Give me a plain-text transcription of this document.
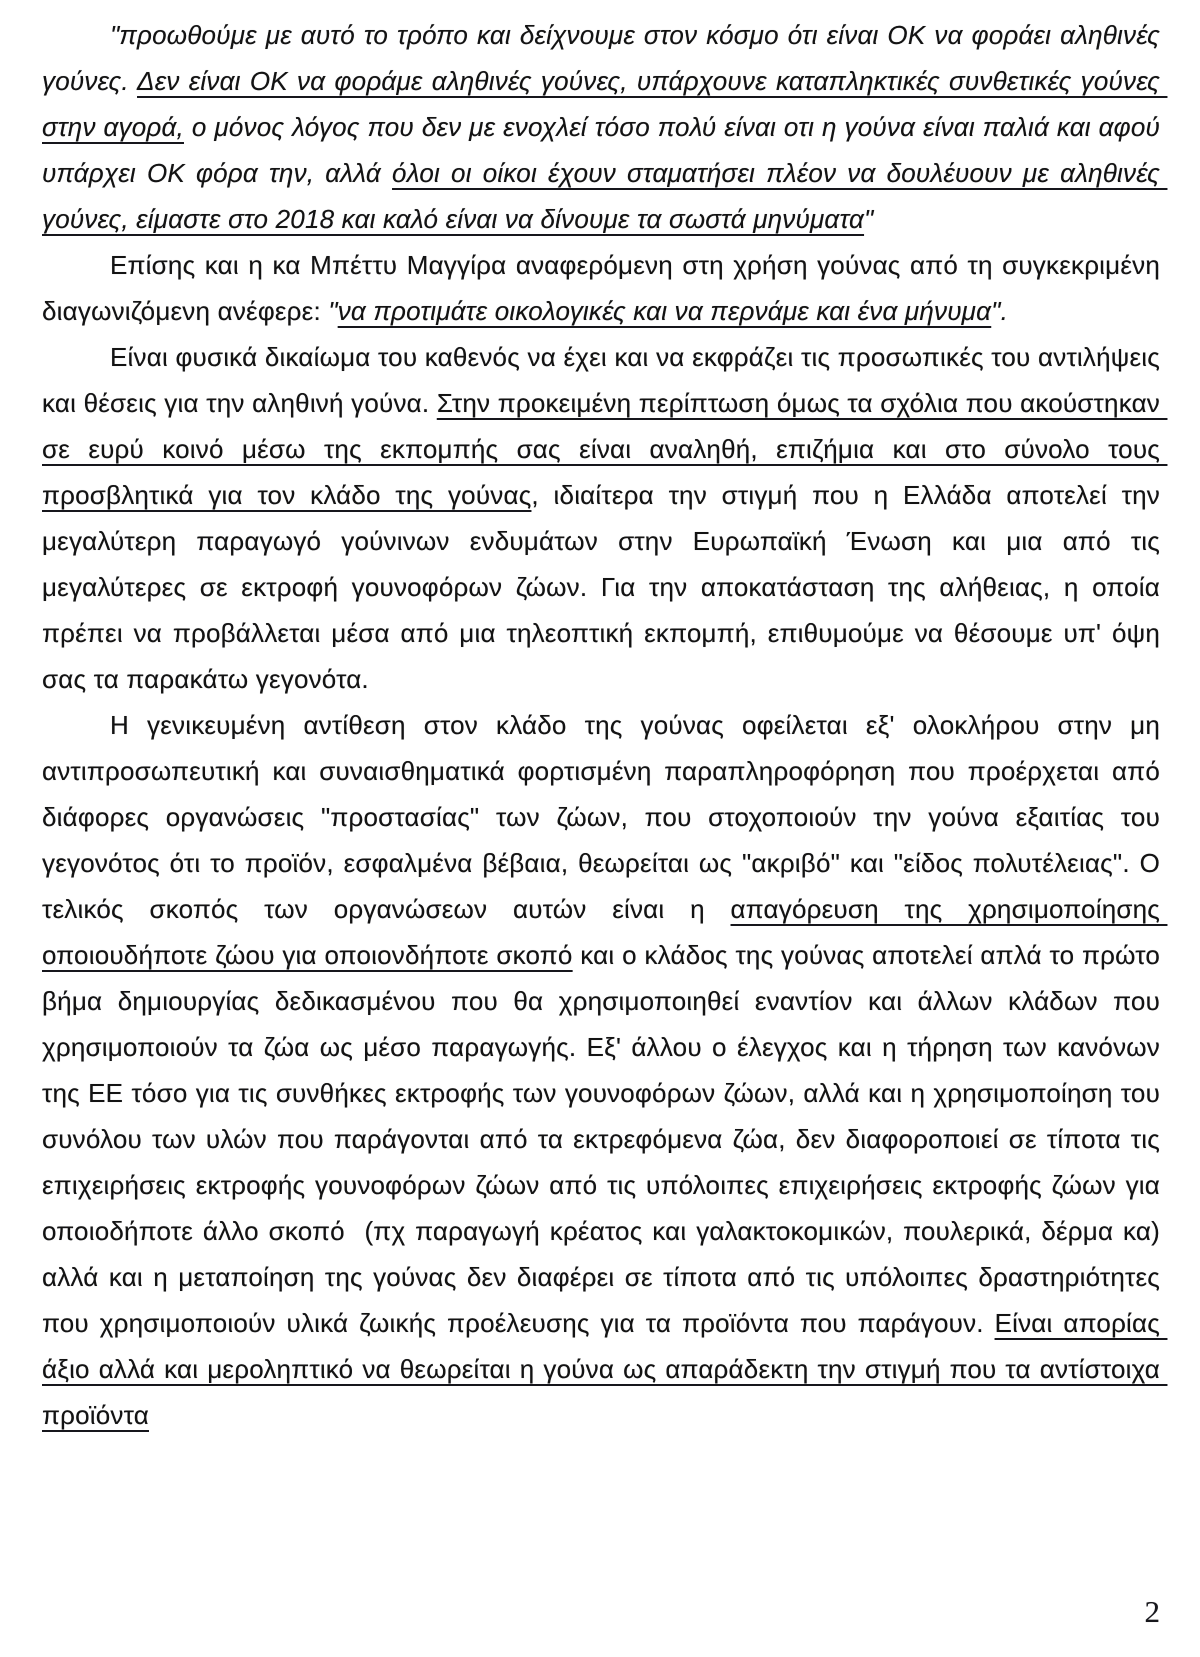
"προωθούμε με αυτό το τρόπο και δείχνουμε στον κόσμο ότι είναι ΟΚ να φοράει αληθινές γούνες. Δεν είναι ΟΚ να φοράμε αληθινές γούνες, υπάρχουνε καταπληκτικές συνθετικές γούνες στην αγορά, ο μόνος λόγος που δεν με ενοχλεί τόσο πολύ είναι οτι η γούνα είναι παλιά και αφού υπάρχει ΟΚ φόρα την, αλλά όλοι οι οίκοι έχουν σταματήσει πλέον να δουλέυουν με αληθινές γούνες, είμαστε στο 2018 και καλό είναι να δίνουμε τα σωστά μηνύματα"

Επίσης και η κα Μπέττυ Μαγγίρα αναφερόμενη στη χρήση γούνας από τη συγκεκριμένη διαγωνιζόμενη ανέφερε: "να προτιμάτε οικολογικές και να περνάμε και ένα μήνυμα".

Είναι φυσικά δικαίωμα του καθενός να έχει και να εκφράζει τις προσωπικές του αντιλήψεις και θέσεις για την αληθινή γούνα. Στην προκειμένη περίπτωση όμως τα σχόλια που ακούστηκαν σε ευρύ κοινό μέσω της εκπομπής σας είναι αναληθή, επιζήμια και στο σύνολο τους προσβλητικά για τον κλάδο της γούνας, ιδιαίτερα την στιγμή που η Ελλάδα αποτελεί την μεγαλύτερη παραγωγό γούνινων ενδυμάτων στην Ευρωπαϊκή Ένωση και μια από τις μεγαλύτερες σε εκτροφή γουνοφόρων ζώων. Για την αποκατάσταση της αλήθειας, η οποία πρέπει να προβάλλεται μέσα από μια τηλεοπτική εκπομπή, επιθυμούμε να θέσουμε υπ' όψη σας τα παρακάτω γεγονότα.

Η γενικευμένη αντίθεση στον κλάδο της γούνας οφείλεται εξ' ολοκλήρου στην μη αντιπροσωπευτική και συναισθηματικά φορτισμένη παραπληροφόρηση που προέρχεται από διάφορες οργανώσεις "προστασίας" των ζώων, που στοχοποιούν την γούνα εξαιτίας του γεγονότος ότι το προϊόν, εσφαλμένα βέβαια, θεωρείται ως "ακριβό" και "είδος πολυτέλειας". Ο τελικός σκοπός των οργανώσεων αυτών είναι η απαγόρευση της χρησιμοποίησης οποιουδήποτε ζώου για οποιονδήποτε σκοπό και ο κλάδος της γούνας αποτελεί απλά το πρώτο βήμα δημιουργίας δεδικασμένου που θα χρησιμοποιηθεί εναντίον και άλλων κλάδων που χρησιμοποιούν τα ζώα ως μέσο παραγωγής. Εξ' άλλου ο έλεγχος και η τήρηση των κανόνων της ΕΕ τόσο για τις συνθήκες εκτροφής των γουνοφόρων ζώων, αλλά και η χρησιμοποίηση του συνόλου των υλών που παράγονται από τα εκτρεφόμενα ζώα, δεν διαφοροποιεί σε τίποτα τις επιχειρήσεις εκτροφής γουνοφόρων ζώων από τις υπόλοιπες επιχειρήσεις εκτροφής ζώων για οποιοδήποτε άλλο σκοπό  (πχ παραγωγή κρέατος και γαλακτοκομικών, πουλερικά, δέρμα κα) αλλά και η μεταποίηση της γούνας δεν διαφέρει σε τίποτα από τις υπόλοιπες δραστηριότητες που χρησιμοποιούν υλικά ζωικής προέλευσης για τα προϊόντα που παράγουν. Είναι απορίας άξιο αλλά και μεροληπτικό να θεωρείται η γούνα ως απαράδεκτη την στιγμή που τα αντίστοιχα προϊόντα

2
